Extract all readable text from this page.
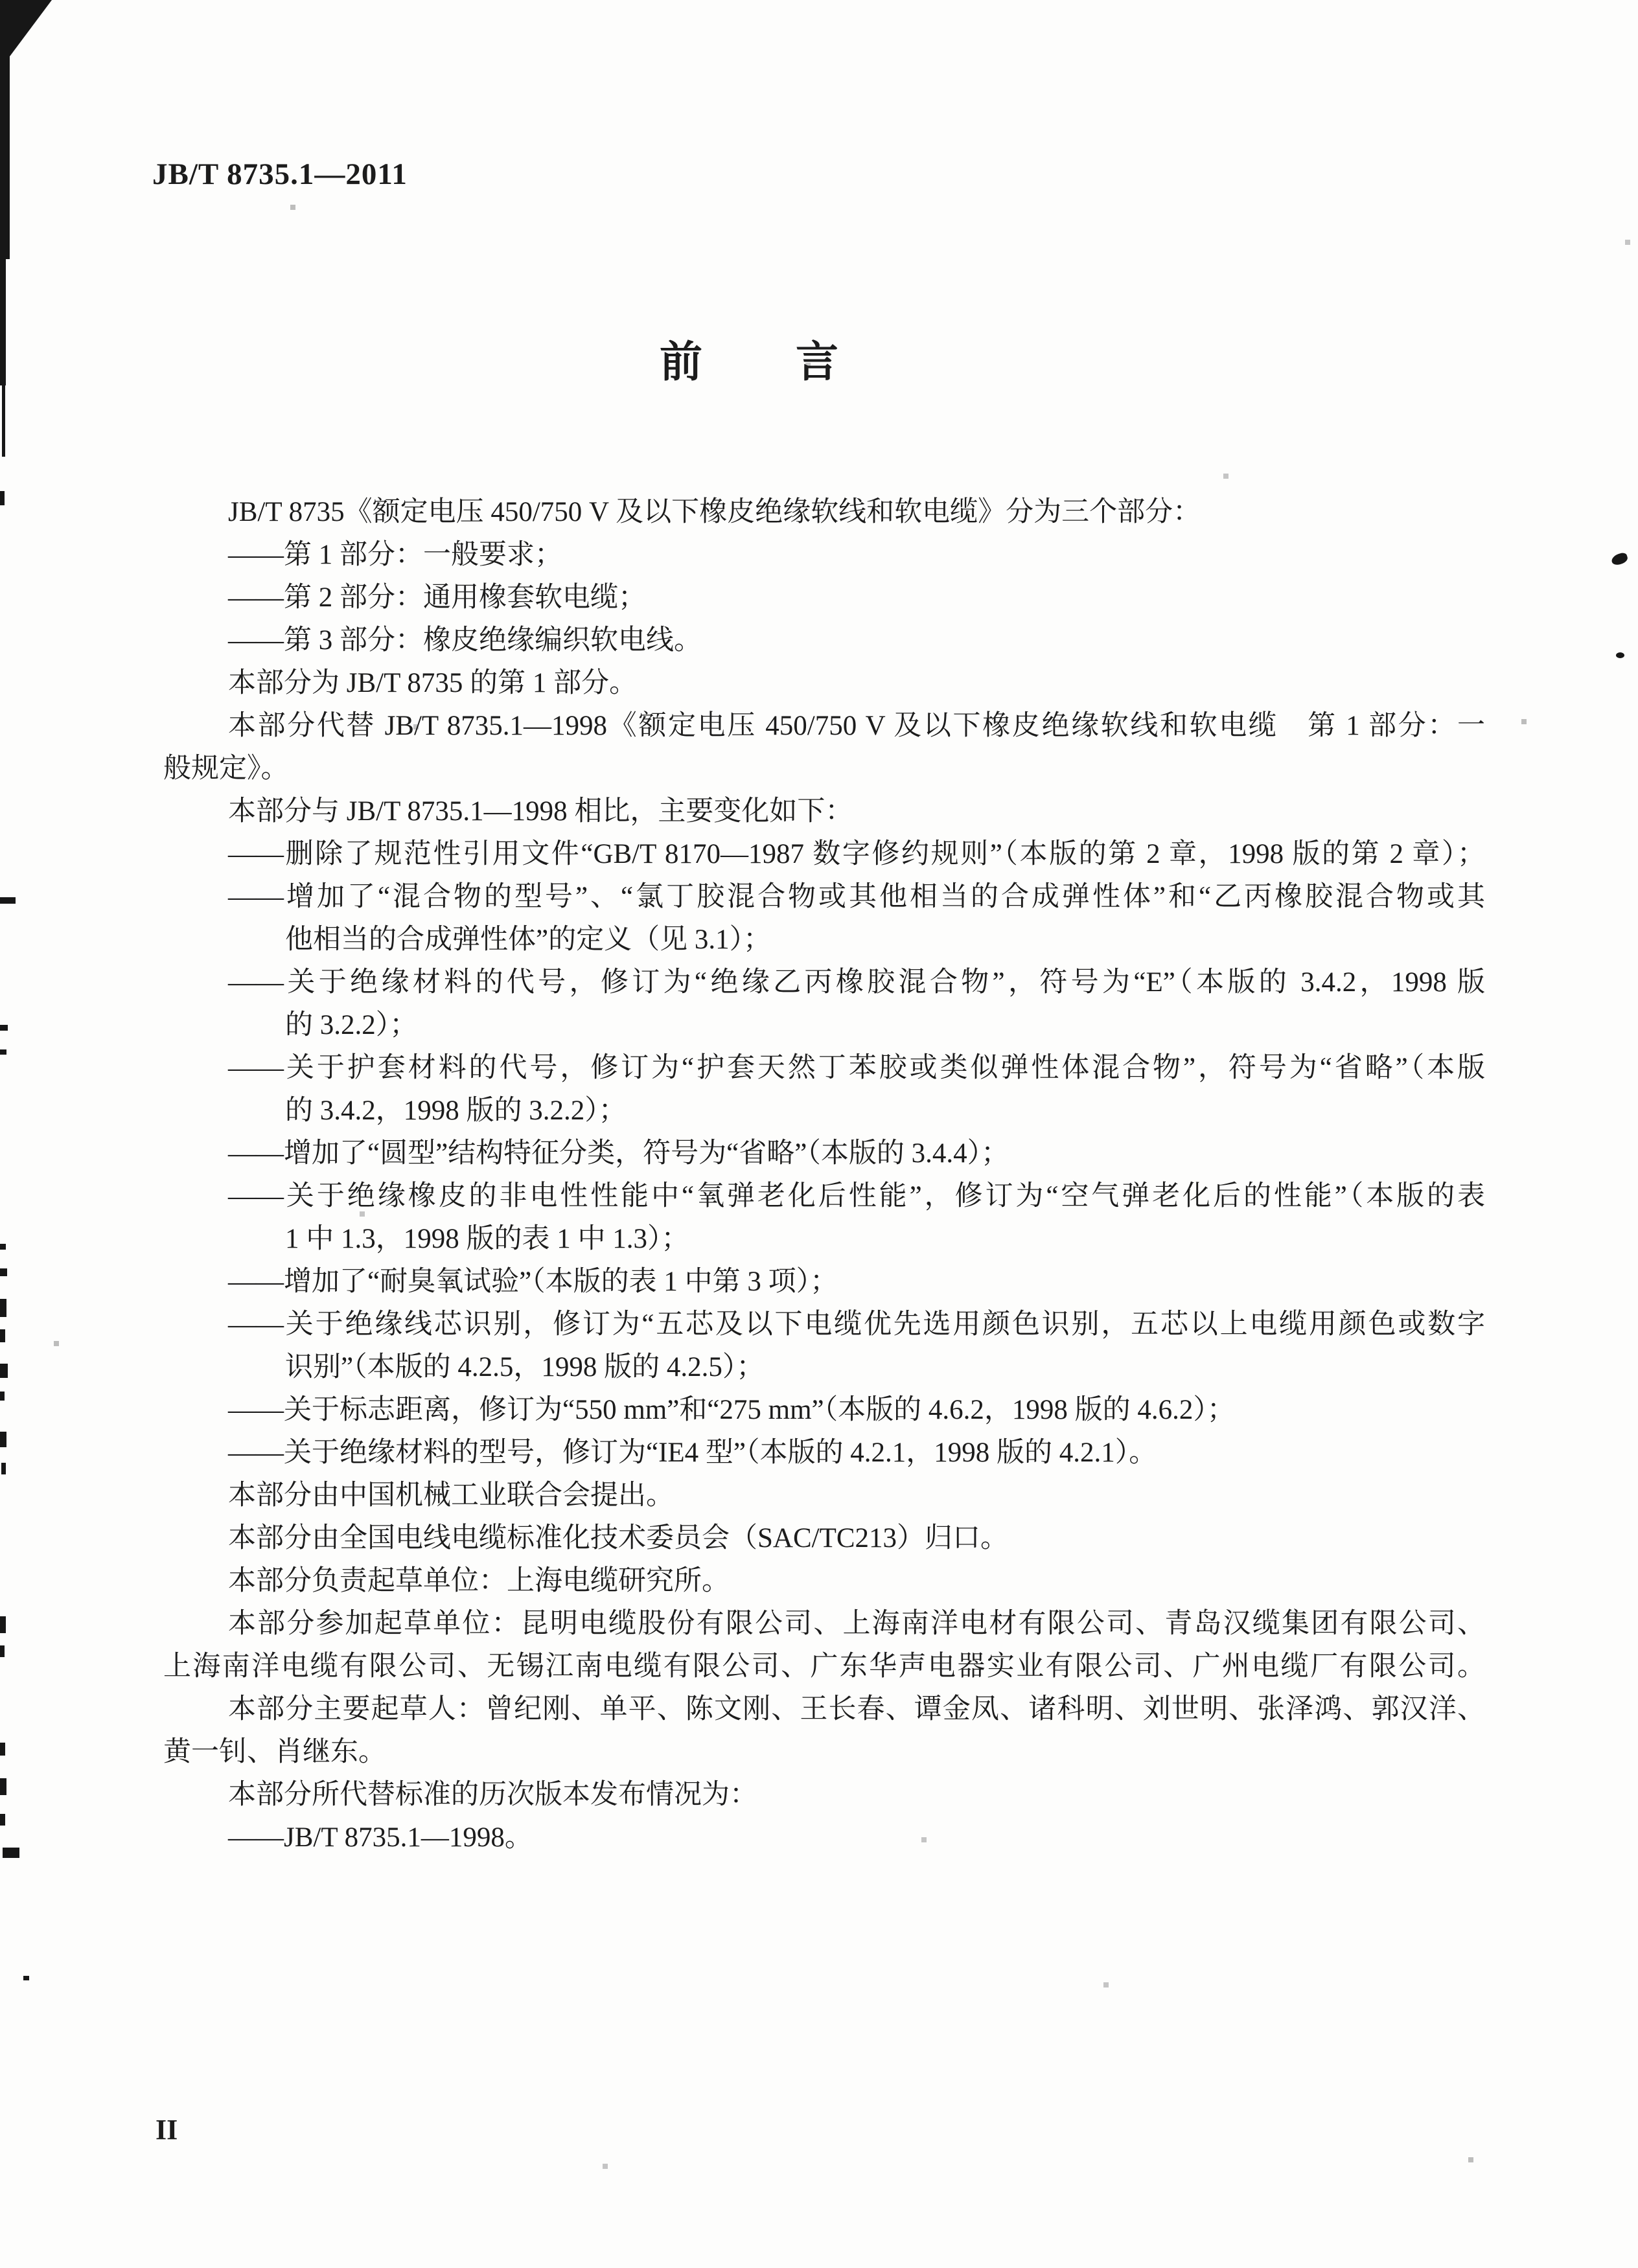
JB/T 8735.1—2011
前　　言
JB/T 8735《额定电压 450/750 V 及以下橡皮绝缘软线和软电缆》分为三个部分：
——第 1 部分：一般要求；
——第 2 部分：通用橡套软电缆；
——第 3 部分：橡皮绝缘编织软电线。
本部分为 JB/T 8735 的第 1 部分。
本部分代替 JB/T 8735.1—1998《额定电压 450/750 V 及以下橡皮绝缘软线和软电缆　第 1 部分：一
般规定》。
本部分与 JB/T 8735.1—1998 相比，主要变化如下：
——删除了规范性引用文件“GB/T 8170—1987 数字修约规则”（本版的第 2 章，1998 版的第 2 章）；
——增加了“混合物的型号”、“氯丁胶混合物或其他相当的合成弹性体”和“乙丙橡胶混合物或其
他相当的合成弹性体”的定义（见 3.1）；
——关于绝缘材料的代号，修订为“绝缘乙丙橡胶混合物”，符号为“E”（本版的 3.4.2，1998 版
的 3.2.2）；
——关于护套材料的代号，修订为“护套天然丁苯胶或类似弹性体混合物”，符号为“省略”（本版
的 3.4.2，1998 版的 3.2.2）；
——增加了“圆型”结构特征分类，符号为“省略”（本版的 3.4.4）；
——关于绝缘橡皮的非电性性能中“氧弹老化后性能”，修订为“空气弹老化后的性能”（本版的表
1 中 1.3，1998 版的表 1 中 1.3）；
——增加了“耐臭氧试验”（本版的表 1 中第 3 项）；
——关于绝缘线芯识别，修订为“五芯及以下电缆优先选用颜色识别，五芯以上电缆用颜色或数字
识别”（本版的 4.2.5，1998 版的 4.2.5）；
——关于标志距离，修订为“550 mm”和“275 mm”（本版的 4.6.2，1998 版的 4.6.2）；
——关于绝缘材料的型号，修订为“IE4 型”（本版的 4.2.1，1998 版的 4.2.1）。
本部分由中国机械工业联合会提出。
本部分由全国电线电缆标准化技术委员会（SAC/TC213）归口。
本部分负责起草单位：上海电缆研究所。
本部分参加起草单位：昆明电缆股份有限公司、上海南洋电材有限公司、青岛汉缆集团有限公司、
上海南洋电缆有限公司、无锡江南电缆有限公司、广东华声电器实业有限公司、广州电缆厂有限公司。
本部分主要起草人：曾纪刚、单平、陈文刚、王长春、谭金凤、诸科明、刘世明、张泽鸿、郭汉洋、
黄一钊、肖继东。
本部分所代替标准的历次版本发布情况为：
——JB/T 8735.1—1998。
II
